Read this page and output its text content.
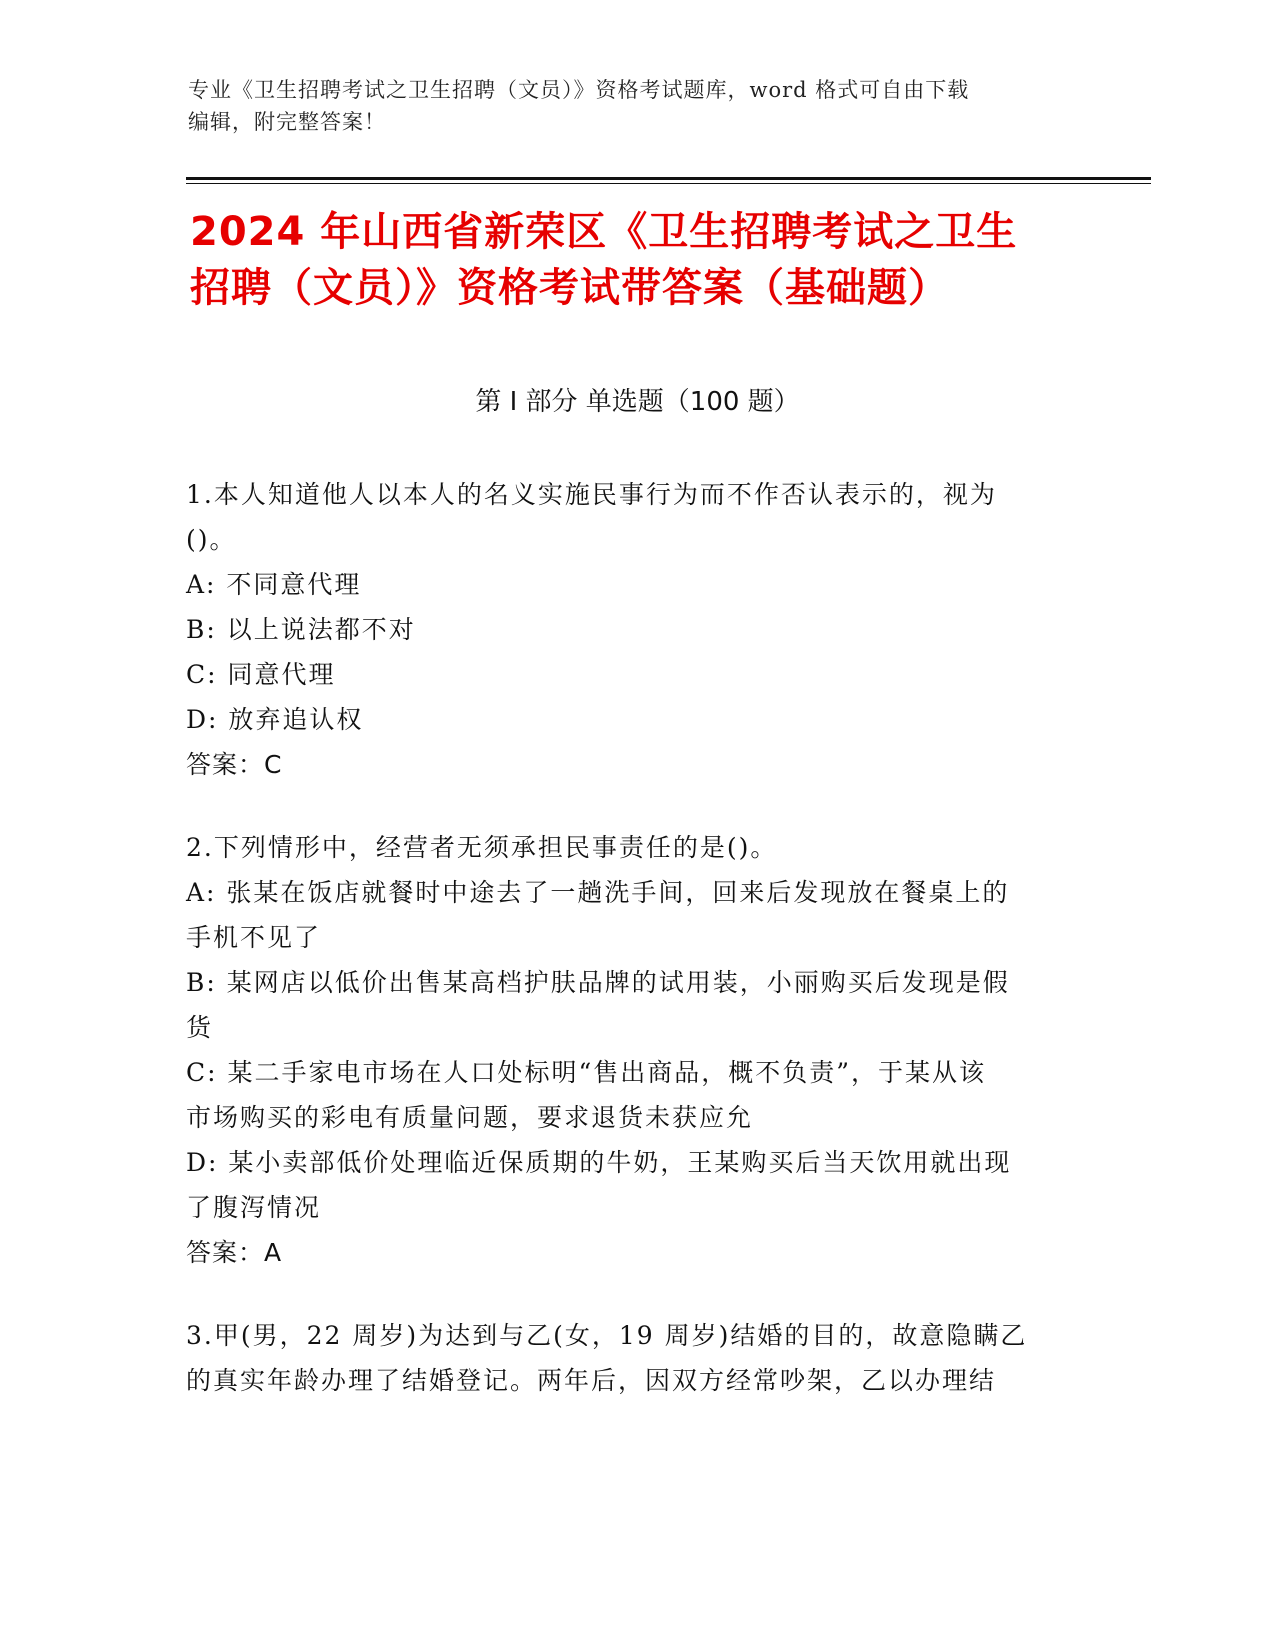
专业《卫生招聘考试之卫生招聘（文员）》资格考试题库，word 格式可自由下载
编辑，附完整答案！
2024 年山西省新荣区《卫生招聘考试之卫生
招聘（文员）》资格考试带答案（基础题）
第 I 部分 单选题（100 题）
1.本人知道他人以本人的名义实施民事行为而不作否认表示的，视为
()。
A: 不同意代理
B: 以上说法都不对
C: 同意代理
D: 放弃追认权
答案：C
2.下列情形中，经营者无须承担民事责任的是()。
A: 张某在饭店就餐时中途去了一趟洗手间，回来后发现放在餐桌上的
手机不见了
B: 某网店以低价出售某高档护肤品牌的试用装，小丽购买后发现是假
货
C: 某二手家电市场在人口处标明“售出商品，概不负责”，于某从该
市场购买的彩电有质量问题，要求退货未获应允
D: 某小卖部低价处理临近保质期的牛奶，王某购买后当天饮用就出现
了腹泻情况
答案：A
3.甲(男，22 周岁)为达到与乙(女，19 周岁)结婚的目的，故意隐瞒乙
的真实年龄办理了结婚登记。两年后，因双方经常吵架，乙以办理结
